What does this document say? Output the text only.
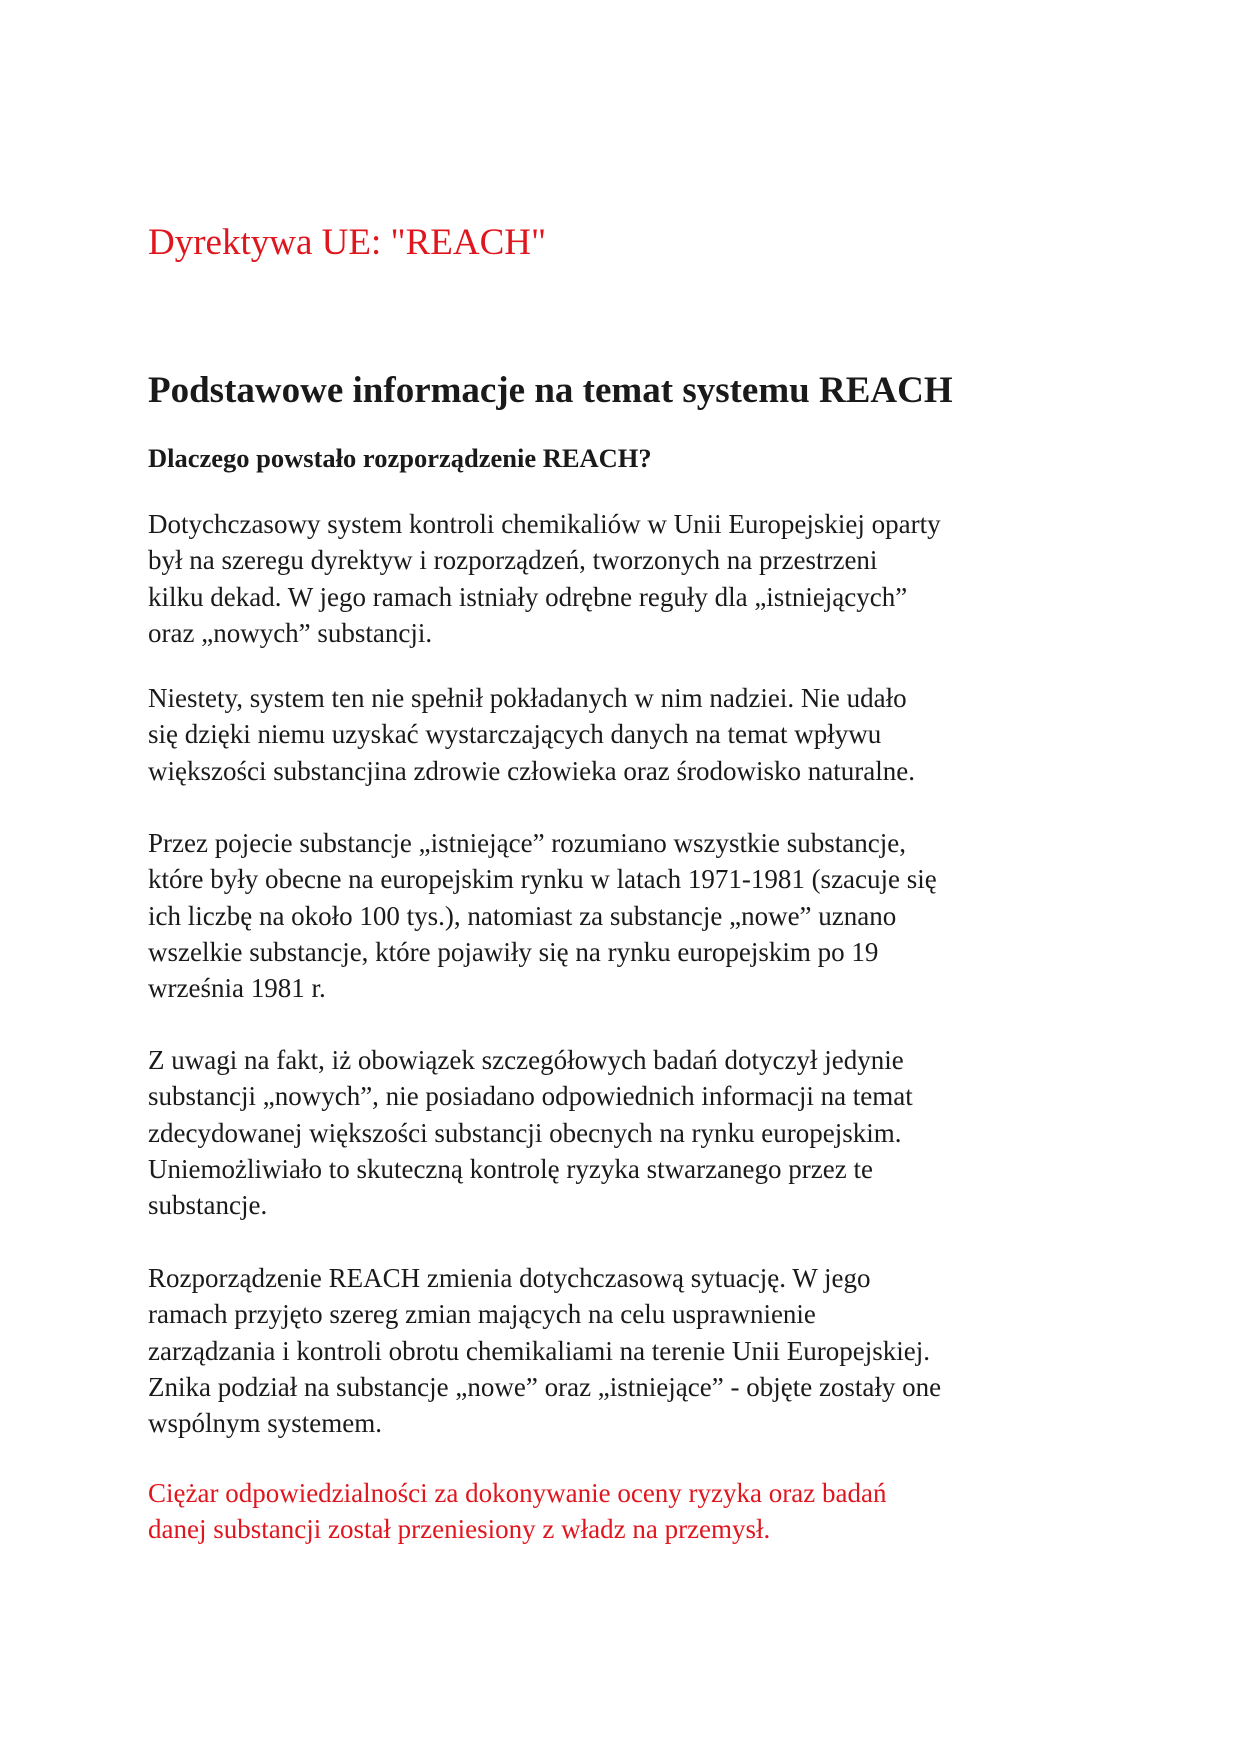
Dyrektywa UE: "REACH"
Podstawowe informacje na temat systemu REACH
Dlaczego powstało rozporządzenie REACH?

Dotychczasowy system kontroli chemikaliów w Unii Europejskiej oparty
był na szeregu dyrektyw i rozporządzeń, tworzonych na przestrzeni
kilku dekad. W jego ramach istniały odrębne reguły dla „istniejących”
oraz „nowych” substancji.

Niestety, system ten nie spełnił pokładanych w nim nadziei. Nie udało
się dzięki niemu uzyskać wystarczających danych na temat wpływu
większości substancjina zdrowie człowieka oraz środowisko naturalne.

Przez pojecie substancje „istniejące” rozumiano wszystkie substancje,
które były obecne na europejskim rynku w latach 1971-1981 (szacuje się
ich liczbę na około 100 tys.), natomiast za substancje „nowe” uznano
wszelkie substancje, które pojawiły się na rynku europejskim po 19
września 1981 r.

Z uwagi na fakt, iż obowiązek szczegółowych badań dotyczył jedynie
substancji „nowych”, nie posiadano odpowiednich informacji na temat
zdecydowanej większości substancji obecnych na rynku europejskim.
Uniemożliwiało to skuteczną kontrolę ryzyka stwarzanego przez te
substancje.

Rozporządzenie REACH zmienia dotychczasową sytuację. W jego
ramach przyjęto szereg zmian mających na celu usprawnienie
zarządzania i kontroli obrotu chemikaliami na terenie Unii Europejskiej.
Znika podział na substancje „nowe” oraz „istniejące” - objęte zostały one
wspólnym systemem.

Ciężar odpowiedzialności za dokonywanie oceny ryzyka oraz badań
danej substancji został przeniesiony z władz na przemysł.
